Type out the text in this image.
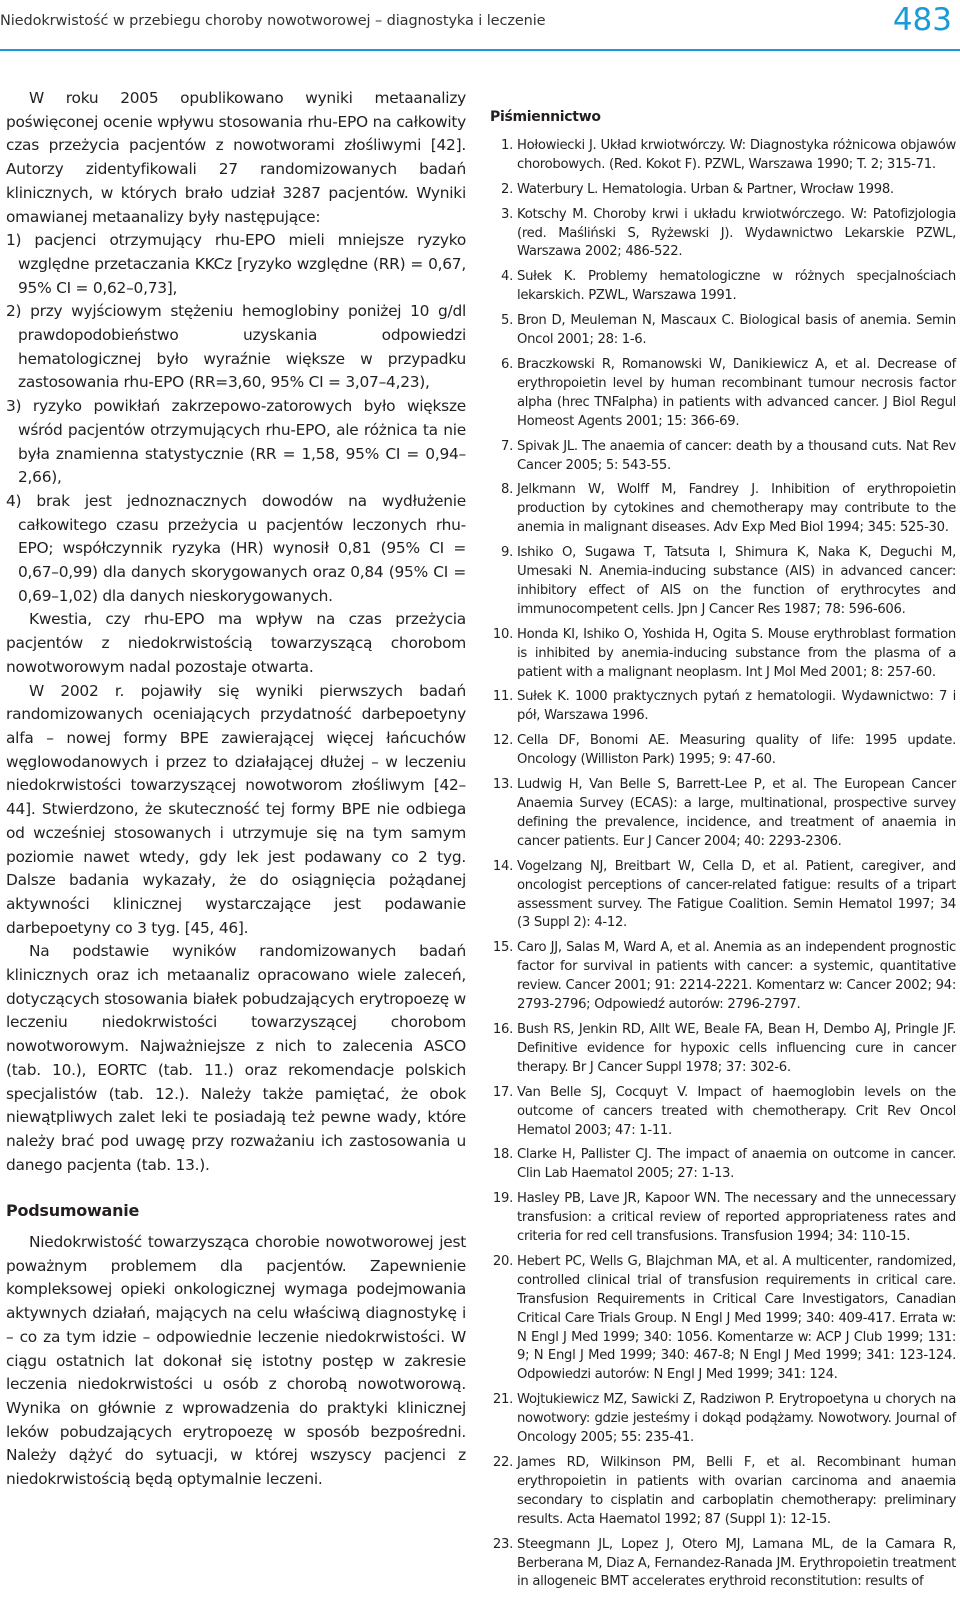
Niedokrwistość w przebiegu choroby nowotworowej – diagnostyka i leczenie	483

W roku 2005 opublikowano wyniki metaanalizy poświęconej ocenie wpływu stosowania rhu-EPO na całkowity czas przeżycia pacjentów z nowotworami złośliwymi [42]. Autorzy zidentyfikowali 27 randomizowanych badań klinicznych, w których brało udział 3287 pacjentów. Wyniki omawianej metaanalizy były następujące:

1) pacjenci otrzymujący rhu-EPO mieli mniejsze ryzyko względne przetaczania KKCz [ryzyko względne (RR) = 0,67, 95% CI = 0,62–0,73],

2) przy wyjściowym stężeniu hemoglobiny poniżej 10 g/dl prawdopodobieństwo uzyskania odpowiedzi hematologicznej było wyraźnie większe w przypadku zastosowania rhu-EPO (RR=3,60, 95% CI = 3,07–4,23),

3) ryzyko powikłań zakrzepowo-zatorowych było większe wśród pacjentów otrzymujących rhu-EPO, ale różnica ta nie była znamienna statystycznie (RR = 1,58, 95% CI = 0,94–2,66),

4) brak jest jednoznacznych dowodów na wydłużenie całkowitego czasu przeżycia u pacjentów leczonych rhu-EPO; współczynnik ryzyka (HR) wynosił 0,81 (95% CI = 0,67–0,99) dla danych skorygowanych oraz 0,84 (95% CI = 0,69–1,02) dla danych nieskorygowanych.

Kwestia, czy rhu-EPO ma wpływ na czas przeżycia pacjentów z niedokrwistością towarzyszącą chorobom nowotworowym nadal pozostaje otwarta.

W 2002 r. pojawiły się wyniki pierwszych badań randomizowanych oceniających przydatność darbepoetyny alfa – nowej formy BPE zawierającej więcej łańcuchów węglowodanowych i przez to działającej dłużej – w leczeniu niedokrwistości towarzyszącej nowotworom złośliwym [42–44]. Stwierdzono, że skuteczność tej formy BPE nie odbiega od wcześniej stosowanych i utrzymuje się na tym samym poziomie nawet wtedy, gdy lek jest podawany co 2 tyg. Dalsze badania wykazały, że do osiągnięcia pożądanej aktywności klinicznej wystarczające jest podawanie darbepoetyny co 3 tyg. [45, 46].

Na podstawie wyników randomizowanych badań klinicznych oraz ich metaanaliz opracowano wiele zaleceń, dotyczących stosowania białek pobudzających erytropoezę w leczeniu niedokrwistości towarzyszącej chorobom nowotworowym. Najważniejsze z nich to zalecenia ASCO (tab. 10.), EORTC (tab. 11.) oraz rekomendacje polskich specjalistów (tab. 12.). Należy także pamiętać, że obok niewątpliwych zalet leki te posiadają też pewne wady, które należy brać pod uwagę przy rozważaniu ich zastosowania u danego pacjenta (tab. 13.).

Podsumowanie

Niedokrwistość towarzysząca chorobie nowotworowej jest poważnym problemem dla pacjentów. Zapewnienie kompleksowej opieki onkologicznej wymaga podejmowania aktywnych działań, mających na celu właściwą diagnostykę i – co za tym idzie – odpowiednie leczenie niedokrwistości. W ciągu ostatnich lat dokonał się istotny postęp w zakresie leczenia niedokrwistości u osób z chorobą nowotworową. Wynika on głównie z wprowadzenia do praktyki klinicznej leków pobudzających erytropoezę w sposób bezpośredni. Należy dążyć do sytuacji, w której wszyscy pacjenci z niedokrwistością będą optymalnie leczeni.

Piśmiennictwo
1. Hołowiecki J. Układ krwiotwórczy. W: Diagnostyka różnicowa objawów chorobowych. (Red. Kokot F). PZWL, Warszawa 1990; T. 2; 315-71.
2. Waterbury L. Hematologia. Urban & Partner, Wrocław 1998.
3. Kotschy M. Choroby krwi i układu krwiotwórczego. W: Patofizjologia (red. Maśliński S, Ryżewski J). Wydawnictwo Lekarskie PZWL, Warszawa 2002; 486-522.
4. Sułek K. Problemy hematologiczne w różnych specjalnościach lekarskich. PZWL, Warszawa 1991.
5. Bron D, Meuleman N, Mascaux C. Biological basis of anemia. Semin Oncol 2001; 28: 1-6.
6. Braczkowski R, Romanowski W, Danikiewicz A, et al. Decrease of erythropoietin level by human recombinant tumour necrosis factor alpha (hrec TNFalpha) in patients with advanced cancer. J Biol Regul Homeost Agents 2001; 15: 366-69.
7. Spivak JL. The anaemia of cancer: death by a thousand cuts. Nat Rev Cancer 2005; 5: 543-55.
8. Jelkmann W, Wolff M, Fandrey J. Inhibition of erythropoietin production by cytokines and chemotherapy may contribute to the anemia in malignant diseases. Adv Exp Med Biol 1994; 345: 525-30.
9. Ishiko O, Sugawa T, Tatsuta I, Shimura K, Naka K, Deguchi M, Umesaki N. Anemia-inducing substance (AIS) in advanced cancer: inhibitory effect of AIS on the function of erythrocytes and immunocompetent cells. Jpn J Cancer Res 1987; 78: 596-606.
10. Honda KI, Ishiko O, Yoshida H, Ogita S. Mouse erythroblast formation is inhibited by anemia-inducing substance from the plasma of a patient with a malignant neoplasm. Int J Mol Med 2001; 8: 257-60.
11. Sułek K. 1000 praktycznych pytań z hematologii. Wydawnictwo: 7 i pół, Warszawa 1996.
12. Cella DF, Bonomi AE. Measuring quality of life: 1995 update. Oncology (Williston Park) 1995; 9: 47-60.
13. Ludwig H, Van Belle S, Barrett-Lee P, et al. The European Cancer Anaemia Survey (ECAS): a large, multinational, prospective survey defining the prevalence, incidence, and treatment of anaemia in cancer patients. Eur J Cancer 2004; 40: 2293-2306.
14. Vogelzang NJ, Breitbart W, Cella D, et al. Patient, caregiver, and oncologist perceptions of cancer-related fatigue: results of a tripart assessment survey. The Fatigue Coalition. Semin Hematol 1997; 34 (3 Suppl 2): 4-12.
15. Caro JJ, Salas M, Ward A, et al. Anemia as an independent prognostic factor for survival in patients with cancer: a systemic, quantitative review. Cancer 2001; 91: 2214-2221. Komentarz w: Cancer 2002; 94: 2793-2796; Odpowiedź autorów: 2796-2797.
16. Bush RS, Jenkin RD, Allt WE, Beale FA, Bean H, Dembo AJ, Pringle JF. Definitive evidence for hypoxic cells influencing cure in cancer therapy. Br J Cancer Suppl 1978; 37: 302-6.
17. Van Belle SJ, Cocquyt V. Impact of haemoglobin levels on the outcome of cancers treated with chemotherapy. Crit Rev Oncol Hematol 2003; 47: 1-11.
18. Clarke H, Pallister CJ. The impact of anaemia on outcome in cancer. Clin Lab Haematol 2005; 27: 1-13.
19. Hasley PB, Lave JR, Kapoor WN. The necessary and the unnecessary transfusion: a critical review of reported appropriateness rates and criteria for red cell transfusions. Transfusion 1994; 34: 110-15.
20. Hebert PC, Wells G, Blajchman MA, et al. A multicenter, randomized, controlled clinical trial of transfusion requirements in critical care. Transfusion Requirements in Critical Care Investigators, Canadian Critical Care Trials Group. N Engl J Med 1999; 340: 409-417. Errata w: N Engl J Med 1999; 340: 1056. Komentarze w: ACP J Club 1999; 131: 9; N Engl J Med 1999; 340: 467-8; N Engl J Med 1999; 341: 123-124. Odpowiedzi autorów: N Engl J Med 1999; 341: 124.
21. Wojtukiewicz MZ, Sawicki Z, Radziwon P. Erytropoetyna u chorych na nowotwory: gdzie jesteśmy i dokąd podążamy. Nowotwory. Journal of Oncology 2005; 55: 235-41.
22. James RD, Wilkinson PM, Belli F, et al. Recombinant human erythropoietin in patients with ovarian carcinoma and anaemia secondary to cisplatin and carboplatin chemotherapy: preliminary results. Acta Haematol 1992; 87 (Suppl 1): 12-15.
23. Steegmann JL, Lopez J, Otero MJ, Lamana ML, de la Camara R, Berberana M, Diaz A, Fernandez-Ranada JM. Erythropoietin treatment in allogeneic BMT accelerates erythroid reconstitution: results of
